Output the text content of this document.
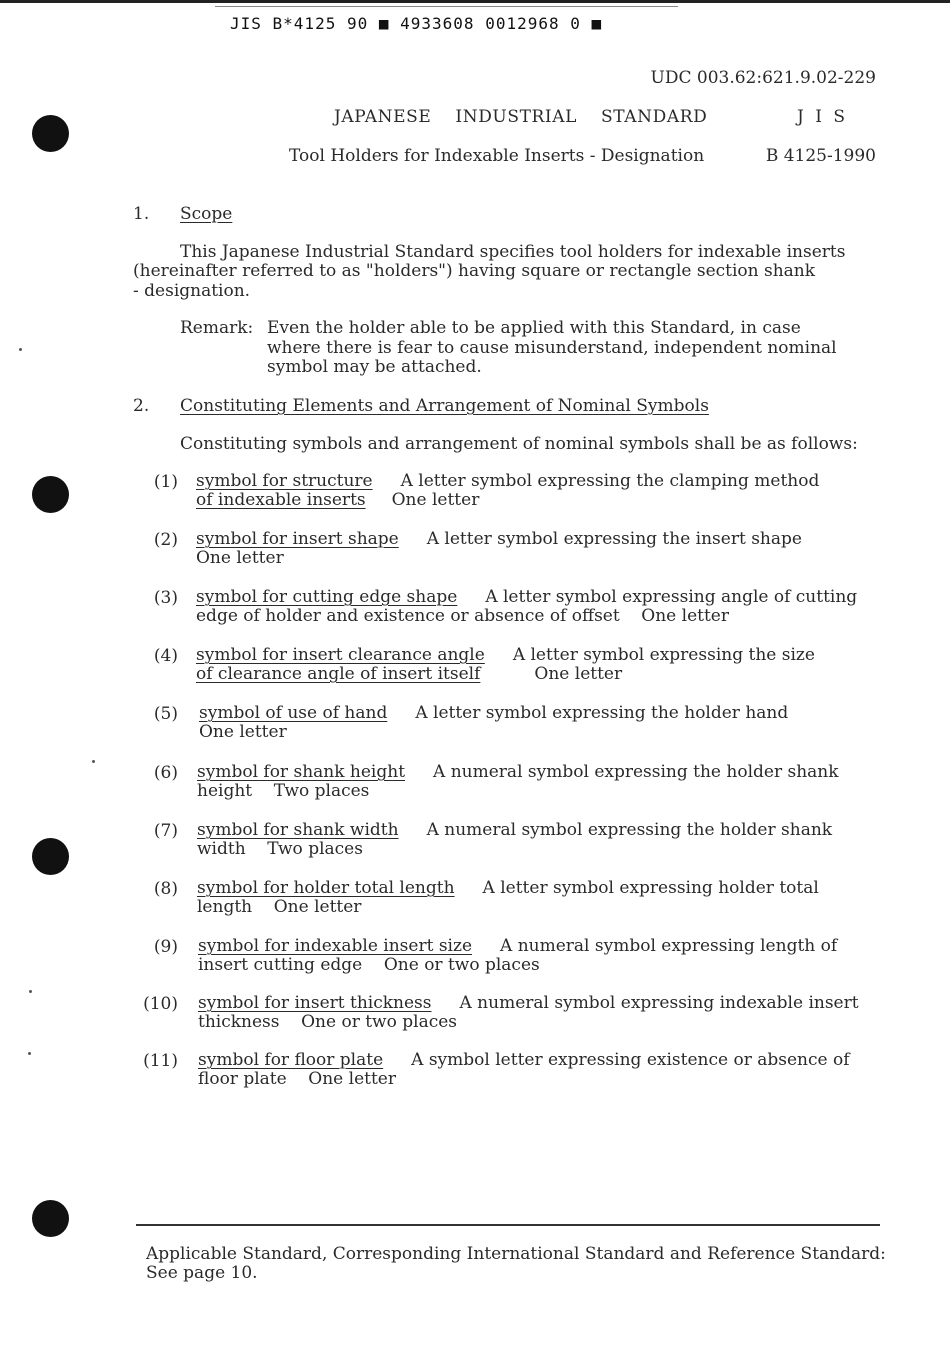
JIS B*4125 90 ■ 4933608 0012968 0 ■
UDC 003.62:621.9.02-229
JAPANESE    INDUSTRIAL    STANDARD	J I S
Tool Holders for Indexable Inserts - Designation	B 4125-1990
1. Scope
This Japanese Industrial Standard specifies tool holders for indexable inserts
(hereinafter referred to as "holders") having square or rectangle section shank
- designation.
Remark: Even the holder able to be applied with this Standard, in case
where there is fear to cause misunderstand, independent nominal
symbol may be attached.
2. Constituting Elements and Arrangement of Nominal Symbols
Constituting symbols and arrangement of nominal symbols shall be as follows:
(1) symbol for structure A letter symbol expressing the clamping method
of indexable inserts One letter
(2) symbol for insert shape A letter symbol expressing the insert shape
One letter
(3) symbol for cutting edge shape A letter symbol expressing angle of cutting
edge of holder and existence or absence of offset    One letter
(4) symbol for insert clearance angle A letter symbol expressing the size
of clearance angle of insert itself	One letter
(5) symbol of use of hand A letter symbol expressing the holder hand
One letter
(6) symbol for shank height A numeral symbol expressing the holder shank
height    Two places
(7) symbol for shank width A numeral symbol expressing the holder shank
width    Two places
(8) symbol for holder total length A letter symbol expressing holder total
length    One letter
(9) symbol for indexable insert size A numeral symbol expressing length of
insert cutting edge    One or two places
(10) symbol for insert thickness A numeral symbol expressing indexable insert
thickness    One or two places
(11) symbol for floor plate A symbol letter expressing existence or absence of
floor plate    One letter
Applicable Standard, Corresponding International Standard and Reference Standard:
See page 10.
